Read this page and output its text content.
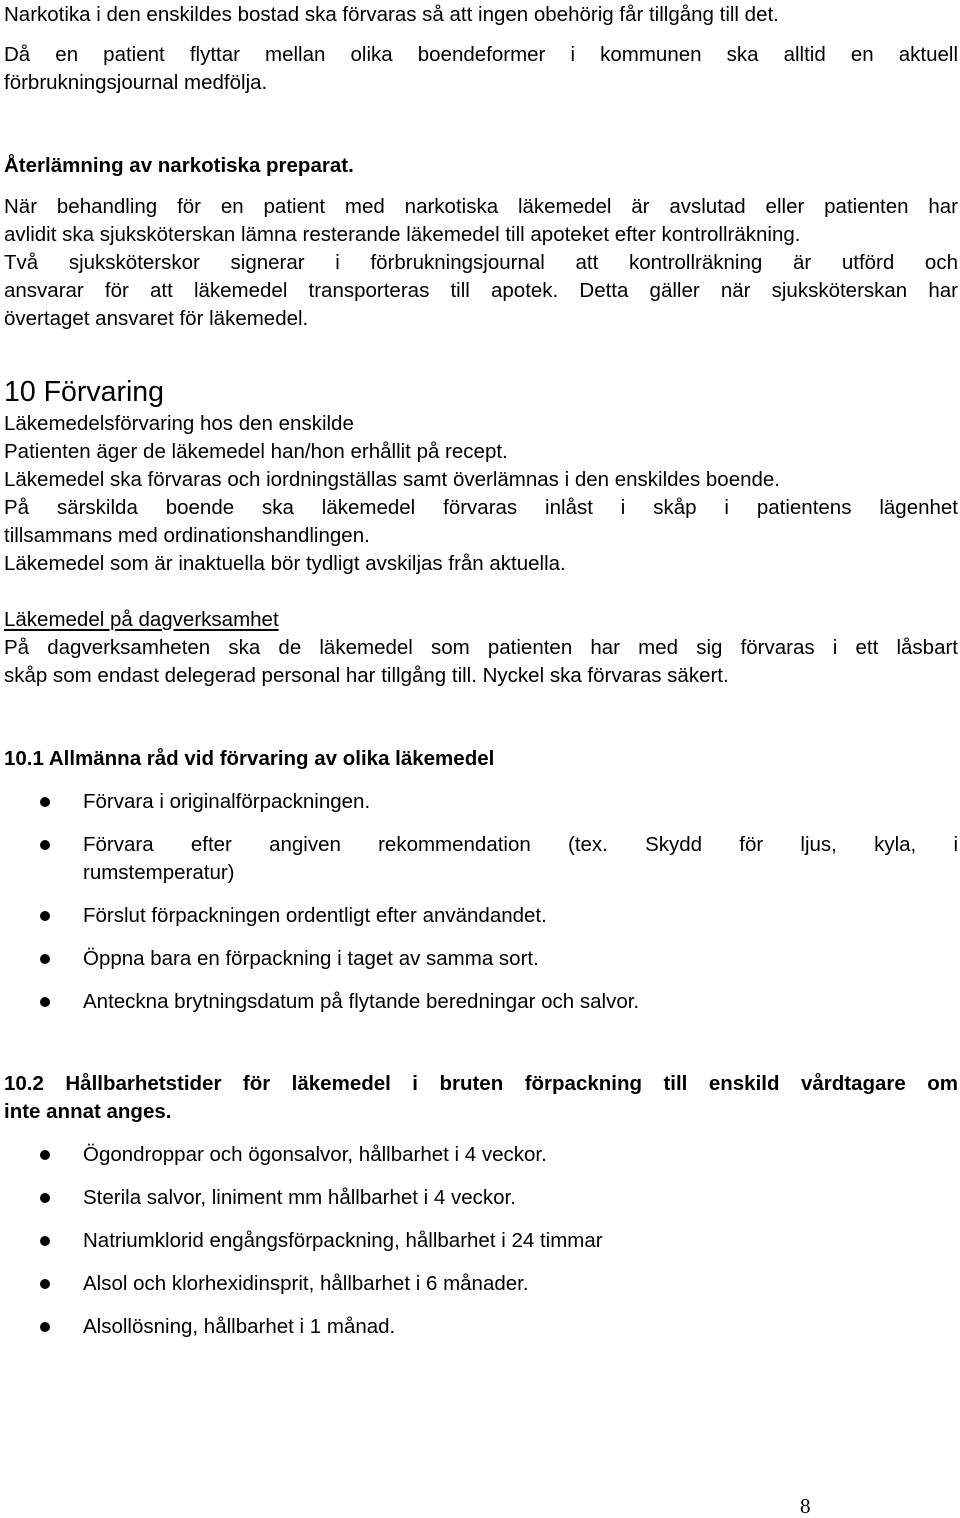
Narkotika i den enskildes bostad ska förvaras så att ingen obehörig får tillgång till det.
Då en patient flyttar mellan olika boendeformer i kommunen ska alltid en aktuell
förbrukningsjournal medfölja.
Återlämning av narkotiska preparat.
När behandling för en patient med narkotiska läkemedel är avslutad eller patienten har
avlidit ska sjuksköterskan lämna resterande läkemedel till apoteket efter kontrollräkning.
Två sjuksköterskor signerar i förbrukningsjournal att kontrollräkning är utförd och
ansvarar för att läkemedel transporteras till apotek. Detta gäller när sjuksköterskan har
övertaget ansvaret för läkemedel.
10 Förvaring
Läkemedelsförvaring hos den enskilde
Patienten äger de läkemedel han/hon erhållit på recept.
Läkemedel ska förvaras och iordningställas samt överlämnas i den enskildes boende.
På särskilda boende ska läkemedel förvaras inlåst i skåp i patientens lägenhet
tillsammans med ordinationshandlingen.
Läkemedel som är inaktuella bör tydligt avskiljas från aktuella.
Läkemedel på dagverksamhet
På dagverksamheten ska de läkemedel som patienten har med sig förvaras i ett låsbart
skåp som endast delegerad personal har tillgång till. Nyckel ska förvaras säkert.
10.1 Allmänna råd vid förvaring av olika läkemedel
Förvara i originalförpackningen.
Förvara efter angiven rekommendation (tex. Skydd för ljus, kyla, i
rumstemperatur)
Förslut förpackningen ordentligt efter användandet.
Öppna bara en förpackning i taget av samma sort.
Anteckna brytningsdatum på flytande beredningar och salvor.
10.2 Hållbarhetstider för läkemedel i bruten förpackning till enskild vårdtagare om
inte annat anges.
Ögondroppar och ögonsalvor, hållbarhet i 4 veckor.
Sterila salvor, liniment mm hållbarhet i 4 veckor.
Natriumklorid engångsförpackning, hållbarhet i 24 timmar
Alsol och klorhexidinsprit, hållbarhet i 6 månader.
Alsollösning, hållbarhet i 1 månad.
8
